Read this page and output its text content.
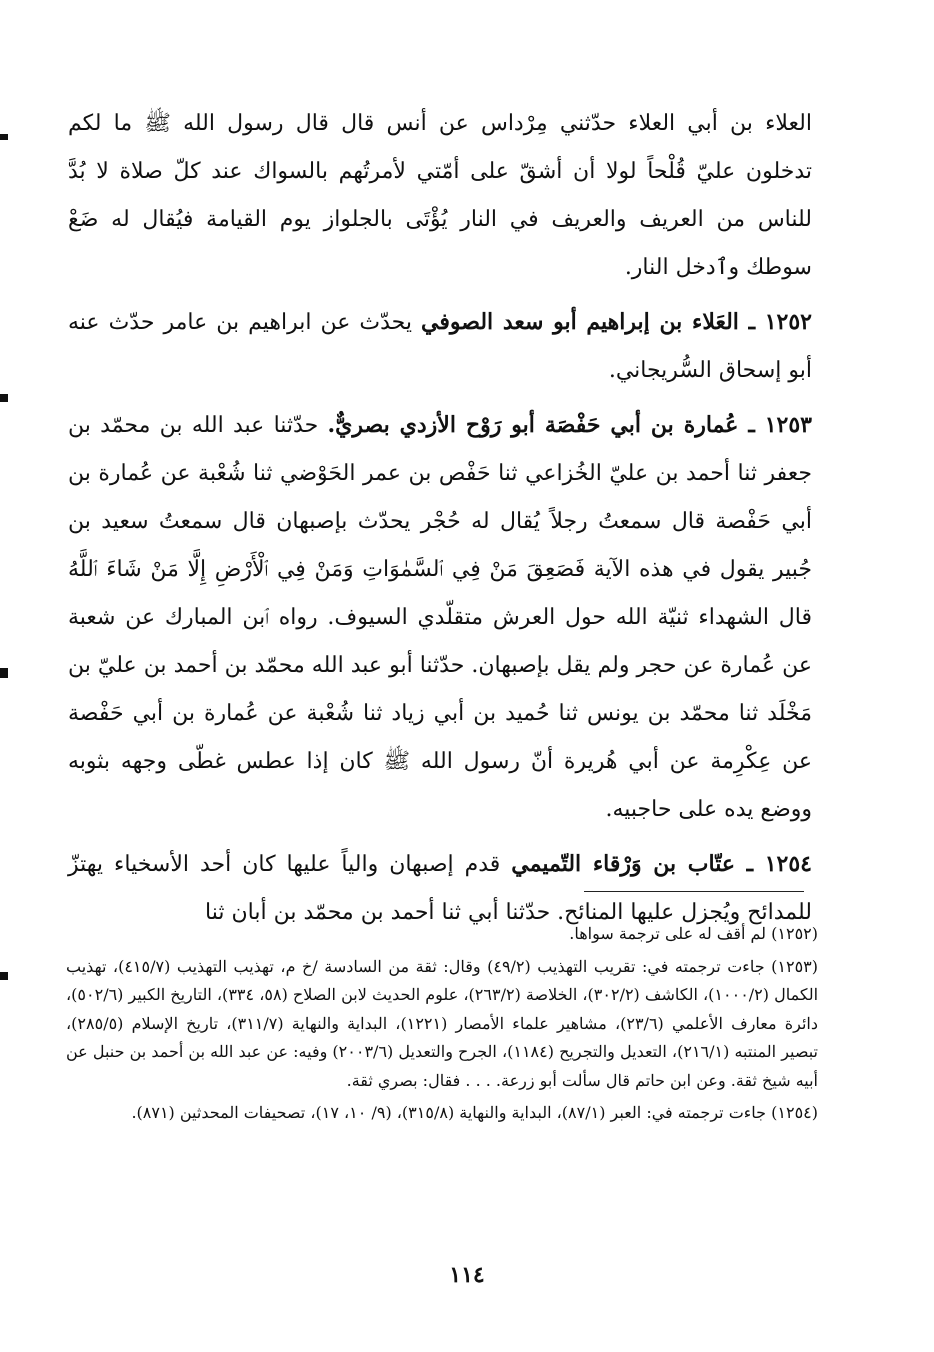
العلاء بن أبي العلاء حدّثني مِرْداس عن أنس قال قال رسول الله ﷺ ما لكم تدخلون عليّ قُلْحاً لولا أن أشقّ على أمّتي لأمرتُهم بالسواك عند كلّ صلاة لا بُدَّ للناس من العريف والعريف في النار يُؤْتَى بالجلواز يوم القيامة فيُقال له ضَعْ سوطك وٱدخل النار.

١٢٥٢ ـ العَلاء بن إبراهيم أبو سعد الصوفي يحدّث عن ابراهيم بن عامر حدّث عنه أبو إسحاق السُّريجاني.

١٢٥٣ ـ عُمارة بن أبي حَفْصَة أبو رَوْح الأزدي بصريٌّ. حدّثنا عبد الله بن محمّد بن جعفر ثنا أحمد بن عليّ الخُزاعي ثنا حَفْص بن عمر الحَوْضي ثنا شُعْبة عن عُمارة بن أبي حَفْصة قال سمعتُ رجلاً يُقال له حُجْر يحدّث بإصبهان قال سمعتُ سعيد بن جُبير يقول في هذه الآية فَصَعِقَ مَنْ فِي ٱلسَّمٰوَاتِ وَمَنْ فِي ٱلْأَرْضِ إِلَّا مَنْ شَاءَ ٱللَّهُ قال الشهداء ثنيّة الله حول العرش متقلّدي السيوف. رواه ٱبن المبارك عن شعبة عن عُمارة عن حجر ولم يقل بإصبهان. حدّثنا أبو عبد الله محمّد بن أحمد بن عليّ بن مَخْلَد ثنا محمّد بن يونس ثنا حُميد بن أبي زياد ثنا شُعْبة عن عُمارة بن أبي حَفْصة عن عِكْرِمة عن أبي هُريرة أنّ رسول الله ﷺ كان إذا عطس غطّى وجهه بثوبه ووضع يده على حاجبيه.

١٢٥٤ ـ عتّاب بن وَرْقاء التّميمي قدم إصبهان والياً عليها كان أحد الأسخياء يهتزّ للمدائح ويُجزل عليها المنائح. حدّثنا أبي ثنا أحمد بن محمّد بن أبان ثنا

(١٢٥٢) لم أقف له على ترجمة سواها.

(١٢٥٣) جاءت ترجمته في: تقريب التهذيب (٤٩/٢) وقال: ثقة من السادسة /خ م، تهذيب التهذيب (٤١٥/٧)، تهذيب الكمال (١٠٠٠/٢)، الكاشف (٣٠٢/٢)، الخلاصة (٢٦٣/٢)، علوم الحديث لابن الصلاح (٥٨، ٣٣٤)، التاريخ الكبير (٥٠٢/٦)، دائرة معارف الأعلمي (٢٣/٦)، مشاهير علماء الأمصار (١٢٢١)، البداية والنهاية (٣١١/٧)، تاريخ الإسلام (٢٨٥/٥)، تبصير المنتبه (٢١٦/١)، التعديل والتجريح (١١٨٤)، الجرح والتعديل (٢٠٠٣/٦) وفيه: عن عبد الله بن أحمد بن حنبل عن أبيه شيخ ثقة. وعن ابن حاتم قال سألت أبو زرعة. . . . فقال: بصري ثقة.

(١٢٥٤) جاءت ترجمته في: العبر (٨٧/١)، البداية والنهاية (٣١٥/٨)، (٩/ ١٠، ١٧)، تصحيفات المحدثين (٨٧١).

١١٤
